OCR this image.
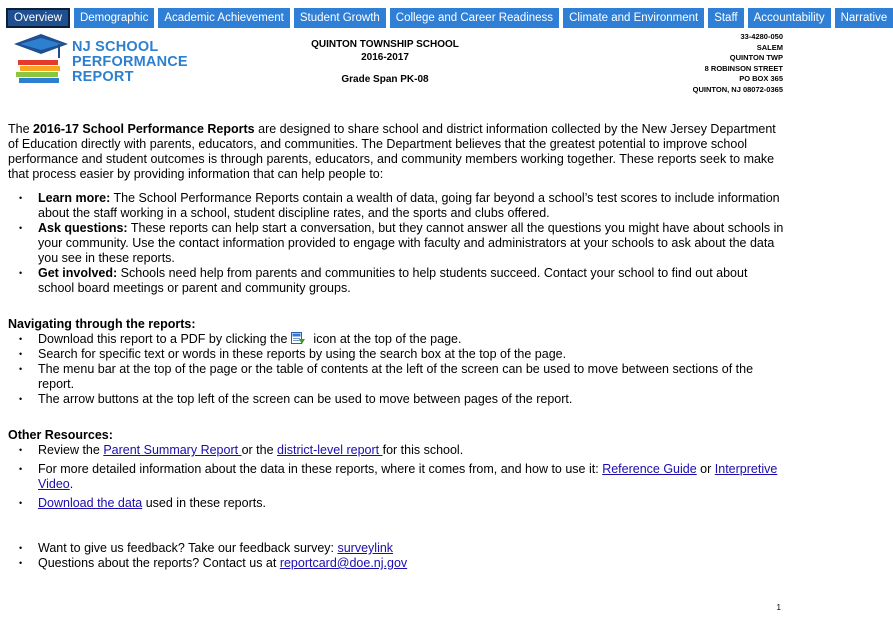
Overview	Demographic	Academic Achievement	Student Growth	College and Career Readiness	Climate and Environment	Staff	Accountability	Narrative
NJ SCHOOL
PERFORMANCE
REPORT
QUINTON TOWNSHIP SCHOOL
2016-2017
Grade Span PK-08
33-4280-050
SALEM
QUINTON TWP
8 ROBINSON STREET
PO BOX 365
QUINTON, NJ 08072-0365

The 2016-17 School Performance Reports are designed to share school and district information collected by the New Jersey Department of Education directly with parents, educators, and communities. The Department believes that the greatest potential to improve school performance and student outcomes is through parents, educators, and community members working together. These reports seek to make that process easier by providing information that can help people to:

• Learn more: The School Performance Reports contain a wealth of data, going far beyond a school’s test scores to include information about the staff working in a school, student discipline rates, and the sports and clubs offered.
• Ask questions: These reports can help start a conversation, but they cannot answer all the questions you might have about schools in your community. Use the contact information provided to engage with faculty and administrators at your schools to ask about the data you see in these reports.
• Get involved: Schools need help from parents and communities to help students succeed. Contact your school to find out about school board meetings or parent and community groups.

Navigating through the reports:

• Download this report to a PDF by clicking the icon at the top of the page.
• Search for specific text or words in these reports by using the search box at the top of the page.
• The menu bar at the top of the page or the table of contents at the left of the screen can be used to move between sections of the report.
• The arrow buttons at the top left of the screen can be used to move between pages of the report.

Other Resources:

• Review the Parent Summary Report or the district-level report for this school.
• For more detailed information about the data in these reports, where it comes from, and how to use it: Reference Guide or Interpretive Video.
• Download the data used in these reports.
• Want to give us feedback? Take our feedback survey: surveylink
• Questions about the reports? Contact us at reportcard@doe.nj.gov
1
